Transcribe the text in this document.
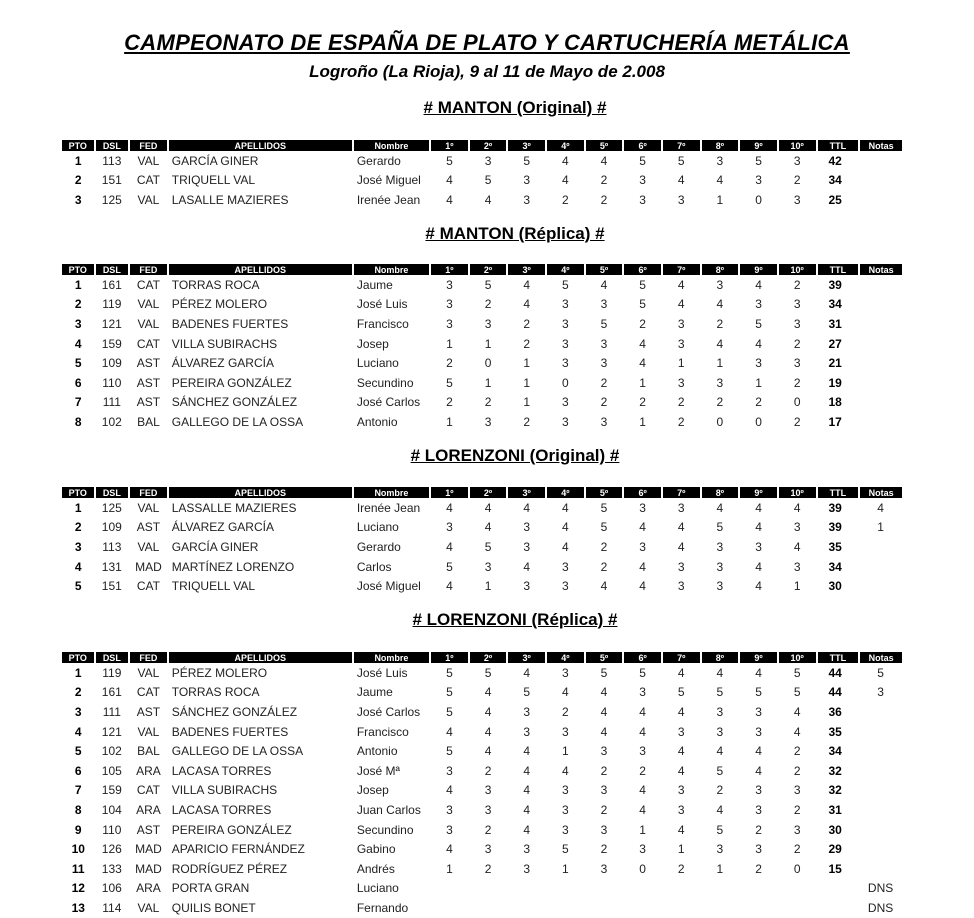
CAMPEONATO DE ESPAÑA DE PLATO Y CARTUCHERÍA METÁLICA
Logroño (La Rioja), 9 al 11 de Mayo de 2.008
# MANTON (Original) #
PTO	DSL	FED	APELLIDOS	Nombre	1º	2º	3º	4º	5º	6º	7º	8º	9º	10º	TTL	Notas
1	113	VAL	GARCÍA GINER	Gerardo	5	3	5	4	4	5	5	3	5	3	42	
2	151	CAT	TRIQUELL VAL	José Miguel	4	5	3	4	2	3	4	4	3	2	34	
3	125	VAL	LASALLE MAZIERES	Irenée Jean	4	4	3	2	2	3	3	1	0	3	25	
# MANTON (Réplica) #
PTO	DSL	FED	APELLIDOS	Nombre	1º	2º	3º	4º	5º	6º	7º	8º	9º	10º	TTL	Notas
1	161	CAT	TORRAS ROCA	Jaume	3	5	4	5	4	5	4	3	4	2	39	
2	119	VAL	PÉREZ MOLERO	José Luis	3	2	4	3	3	5	4	4	3	3	34	
3	121	VAL	BADENES FUERTES	Francisco	3	3	2	3	5	2	3	2	5	3	31	
4	159	CAT	VILLA SUBIRACHS	Josep	1	1	2	3	3	4	3	4	4	2	27	
5	109	AST	ÁLVAREZ GARCÍA	Luciano	2	0	1	3	3	4	1	1	3	3	21	
6	110	AST	PEREIRA GONZÁLEZ	Secundino	5	1	1	0	2	1	3	3	1	2	19	
7	111	AST	SÁNCHEZ GONZÁLEZ	José Carlos	2	2	1	3	2	2	2	2	2	0	18	
8	102	BAL	GALLEGO DE LA OSSA	Antonio	1	3	2	3	3	1	2	0	0	2	17	
# LORENZONI (Original) #
PTO	DSL	FED	APELLIDOS	Nombre	1º	2º	3º	4º	5º	6º	7º	8º	9º	10º	TTL	Notas
1	125	VAL	LASSALLE MAZIERES	Irenée Jean	4	4	4	4	5	3	3	4	4	4	39	4
2	109	AST	ÁLVAREZ GARCÍA	Luciano	3	4	3	4	5	4	4	5	4	3	39	1
3	113	VAL	GARCÍA GINER	Gerardo	4	5	3	4	2	3	4	3	3	4	35	
4	131	MAD	MARTÍNEZ LORENZO	Carlos	5	3	4	3	2	4	3	3	4	3	34	
5	151	CAT	TRIQUELL VAL	José Miguel	4	1	3	3	4	4	3	3	4	1	30	
# LORENZONI (Réplica) #
PTO	DSL	FED	APELLIDOS	Nombre	1º	2º	3º	4º	5º	6º	7º	8º	9º	10º	TTL	Notas
1	119	VAL	PÉREZ MOLERO	José Luis	5	5	4	3	5	5	4	4	4	5	44	5
2	161	CAT	TORRAS ROCA	Jaume	5	4	5	4	4	3	5	5	5	5	44	3
3	111	AST	SÁNCHEZ GONZÁLEZ	José Carlos	5	4	3	2	4	4	4	3	3	4	36	
4	121	VAL	BADENES FUERTES	Francisco	4	4	3	3	4	4	3	3	3	4	35	
5	102	BAL	GALLEGO DE LA OSSA	Antonio	5	4	4	1	3	3	4	4	4	2	34	
6	105	ARA	LACASA TORRES	José Mª	3	2	4	4	2	2	4	5	4	2	32	
7	159	CAT	VILLA SUBIRACHS	Josep	4	3	4	3	3	4	3	2	3	3	32	
8	104	ARA	LACASA TORRES	Juan Carlos	3	3	4	3	2	4	3	4	3	2	31	
9	110	AST	PEREIRA GONZÁLEZ	Secundino	3	2	4	3	3	1	4	5	2	3	30	
10	126	MAD	APARICIO FERNÁNDEZ	Gabino	4	3	3	5	2	3	1	3	3	2	29	
11	133	MAD	RODRÍGUEZ PÉREZ	Andrés	1	2	3	1	3	0	2	1	2	0	15	
12	106	ARA	PORTA GRAN	Luciano												DNS
13	114	VAL	QUILIS BONET	Fernando												DNS
